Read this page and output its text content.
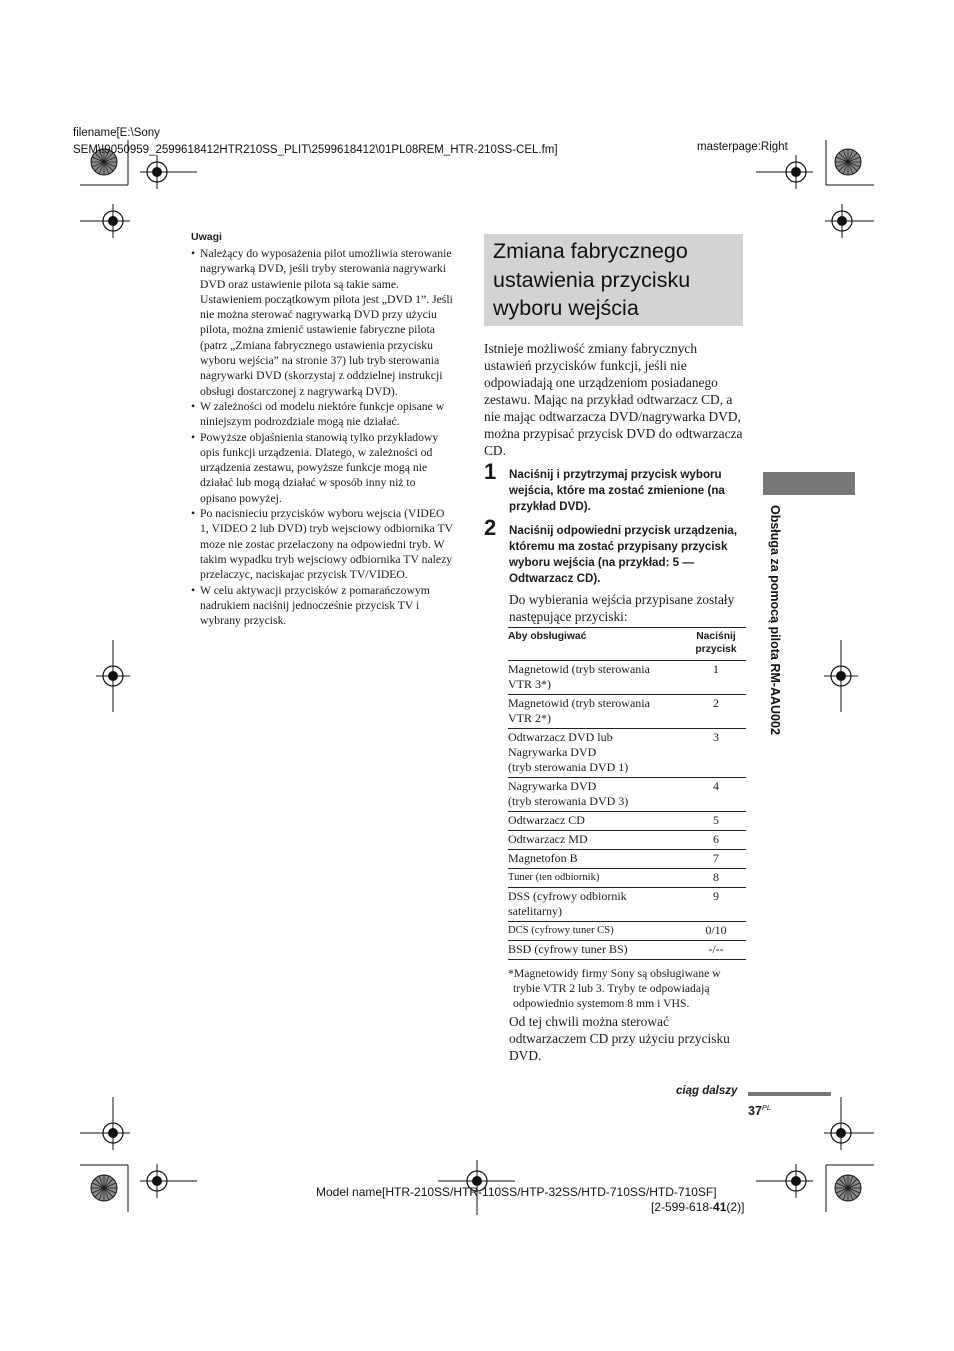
filename[E:\Sony
SEM\!9050959_2599618412HTR210SS_PLIT\2599618412\01PL08REM_HTR-210SS-CEL.fm]	masterpage:Right
Uwagi
• Należący do wyposażenia pilot umożliwia sterowanie nagrywarką DVD, jeśli tryby sterowania nagrywarki DVD oraz ustawienie pilota są takie same. Ustawieniem początkowym pilota jest „DVD 1”. Jeśli nie można sterować nagrywarką DVD przy użyciu pilota, można zmienić ustawienie fabryczne pilota (patrz „Zmiana fabrycznego ustawienia przycisku wyboru wejścia” na stronie 37) lub tryb sterowania nagrywarki DVD (skorzystaj z oddzielnej instrukcji obsługi dostarczonej z nagrywarką DVD).
• W zależności od modelu niektóre funkcje opisane w niniejszym podrozdziale mogą nie działać.
• Powyższe objaśnienia stanowią tylko przykładowy opis funkcji urządzenia. Dlatego, w zależności od urządzenia zestawu, powyższe funkcje mogą nie działać lub mogą działać w sposób inny niż to opisano powyżej.
• Po nacisnieciu przycisków wyboru wejscia (VIDEO 1, VIDEO 2 lub DVD) tryb wejsciowy odbiornika TV moze nie zostac przelaczony na odpowiedni tryb. W takim wypadku tryb wejsciowy odbiornika TV nalezy przelaczyc, naciskajac przycisk TV/VIDEO.
• W celu aktywacji przycisków z pomarańczowym nadrukiem naciśnij jednocześnie przycisk TV i wybrany przycisk.
Zmiana fabrycznego
ustawienia przycisku
wyboru wejścia

Istnieje możliwość zmiany fabrycznych ustawień przycisków funkcji, jeśli nie odpowiadają one urządzeniom posiadanego zestawu. Mając na przykład odtwarzacz CD, a nie mając odtwarzacza DVD/nagrywarka DVD, można przypisać przycisk DVD do odtwarzacza CD.

1 Naciśnij i przytrzymaj przycisk wyboru wejścia, które ma zostać zmienione (na przykład DVD).

2 Naciśnij odpowiedni przycisk urządzenia, któremu ma zostać przypisany przycisk wyboru wejścia (na przykład: 5 — Odtwarzacz CD).

Do wybierania wejścia przypisane zostały następujące przyciski:

Aby obsługiwać	Naciśnij
przycisk
Magnetowid (tryb sterowania
VTR 3*)	1
Magnetowid (tryb sterowania
VTR 2*)	2
Odtwarzacz DVD lub
Nagrywarka DVD
(tryb sterowania DVD 1)	3
Nagrywarka DVD
(tryb sterowania DVD 3)	4
Odtwarzacz CD	5
Odtwarzacz MD	6
Magnetofon B	7
Tuner (ten odbiornik)	8
DSS (cyfrowy odbiornik
satelitarny)	9
DCS (cyfrowy tuner CS)	0/10
BSD (cyfrowy tuner BS)	-/--
*Magnetowidy firmy Sony są obsługiwane w
trybie VTR 2 lub 3. Tryby te odpowiadają
odpowiednio systemom 8 mm i VHS.

Od tej chwili można sterować odtwarzaczem CD przy użyciu przycisku DVD.

Obsługa za pomocą pilota RM-AAU002
ciąg dalszy
$37^{PL}$
Model name[HTR-210SS/HTR-110SS/HTP-32SS/HTD-710SS/HTD-710SF]
[2-599-618-41(2)]
